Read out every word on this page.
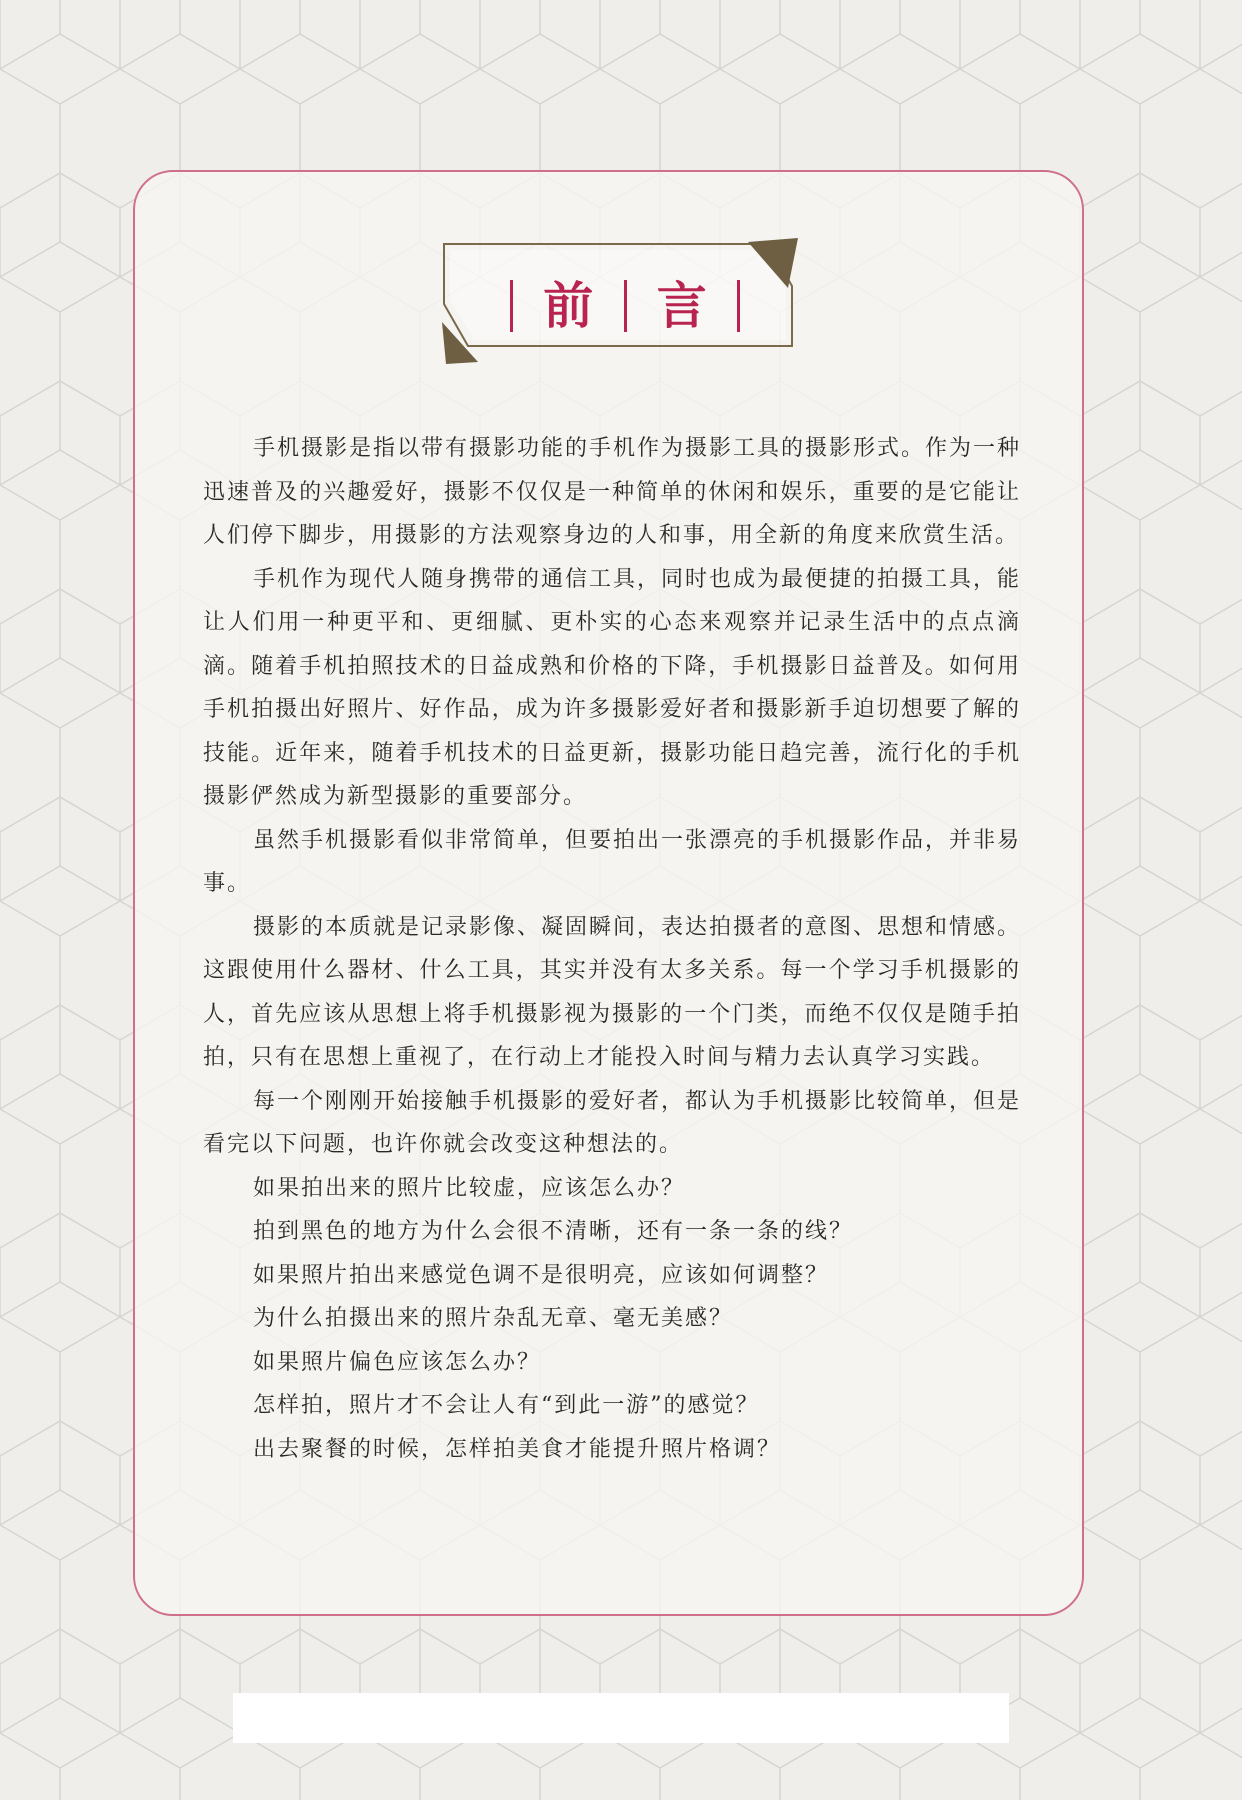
前 言

手机摄影是指以带有摄影功能的手机作为摄影工具的摄影形式。作为一种迅速普及的兴趣爱好，摄影不仅仅是一种简单的休闲和娱乐，重要的是它能让人们停下脚步，用摄影的方法观察身边的人和事，用全新的角度来欣赏生活。

手机作为现代人随身携带的通信工具，同时也成为最便捷的拍摄工具，能让人们用一种更平和、更细腻、更朴实的心态来观察并记录生活中的点点滴滴。随着手机拍照技术的日益成熟和价格的下降，手机摄影日益普及。如何用手机拍摄出好照片、好作品，成为许多摄影爱好者和摄影新手迫切想要了解的技能。近年来，随着手机技术的日益更新，摄影功能日趋完善，流行化的手机摄影俨然成为新型摄影的重要部分。

虽然手机摄影看似非常简单，但要拍出一张漂亮的手机摄影作品，并非易事。

摄影的本质就是记录影像、凝固瞬间，表达拍摄者的意图、思想和情感。这跟使用什么器材、什么工具，其实并没有太多关系。每一个学习手机摄影的人，首先应该从思想上将手机摄影视为摄影的一个门类，而绝不仅仅是随手拍拍，只有在思想上重视了，在行动上才能投入时间与精力去认真学习实践。

每一个刚刚开始接触手机摄影的爱好者，都认为手机摄影比较简单，但是看完以下问题，也许你就会改变这种想法的。

如果拍出来的照片比较虚，应该怎么办？

拍到黑色的地方为什么会很不清晰，还有一条一条的线？

如果照片拍出来感觉色调不是很明亮，应该如何调整？

为什么拍摄出来的照片杂乱无章、毫无美感？

如果照片偏色应该怎么办？

怎样拍，照片才不会让人有“到此一游”的感觉？

出去聚餐的时候，怎样拍美食才能提升照片格调？
